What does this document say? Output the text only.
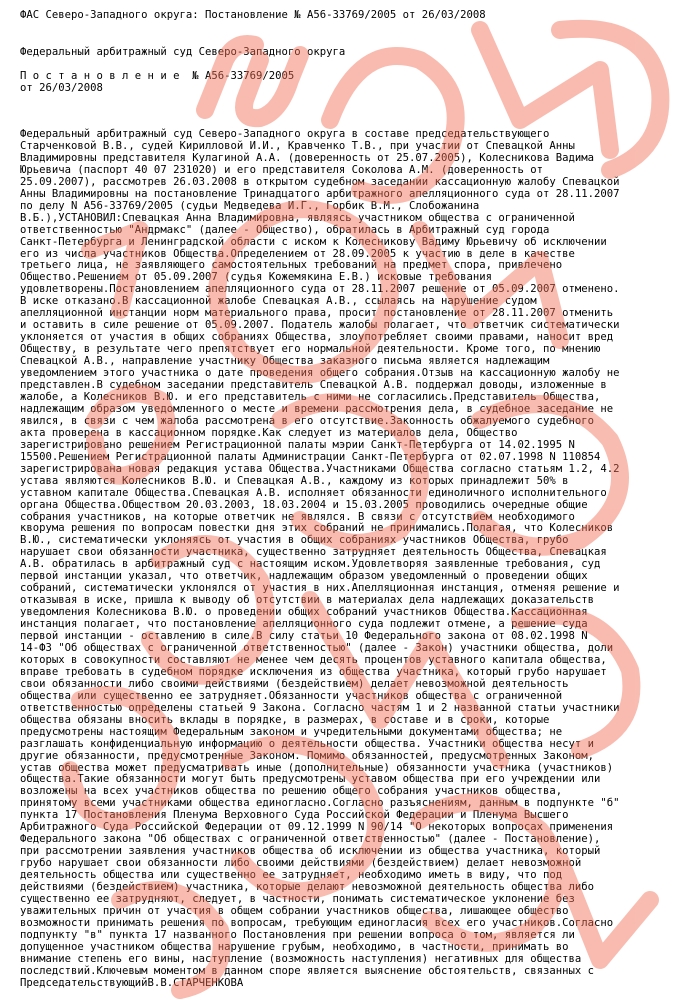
ФАС Северо-Западного округа: Постановление № А56-33769/2005 от 26/03/2008
Федеральный арбитражный суд Северо-Западного округа
П о с т а н о в л е н и е  № А56-33769/2005
от 26/03/2008
Федеральный арбитражный суд Северо-Западного округа в составе председательствующего
Старченковой В.В., судей Кирилловой И.И., Кравченко Т.В., при участии от Спевацкой Анны
Владимировны представителя Кулагиной А.А. (доверенность от 25.07.2005), Колесникова Вадима
Юрьевича (паспорт 40 07 231020) и его представителя Соколова А.М. (доверенность от
25.09.2007), рассмотрев 26.03.2008 в открытом судебном заседании кассационную жалобу Спевацкой
Анны Владимировны на постановление Тринадцатого арбитражного апелляционного суда от 28.11.2007
по делу N А56-33769/2005 (судьи Медведева И.Г., Горбик В.М., Слобожанина
В.Б.),УСТАНОВИЛ:Спевацкая Анна Владимировна, являясь участником общества с ограниченной
ответственностью "Андрмакс" (далее - Общество), обратилась в Арбитражный суд города
Санкт-Петербурга и Ленинградской области с иском к Колесникову Вадиму Юрьевичу об исключении
его из числа участников Общества.Определением от 28.09.2005 к участию в деле в качестве
третьего лица, не заявляющего самостоятельных требований на предмет спора, привлечено
Общество.Решением от 05.09.2007 (судья Кожемякина Е.В.) исковые требования
удовлетворены.Постановлением апелляционного суда от 28.11.2007 решение от 05.09.2007 отменено.
В иске отказано.В кассационной жалобе Спевацкая А.В., ссылаясь на нарушение судом
апелляционной инстанции норм материального права, просит постановление от 28.11.2007 отменить
и оставить в силе решение от 05.09.2007. Податель жалобы полагает, что ответчик систематически
уклоняется от участия в общих собраниях Общества, злоупотребляет своими правами, наносит вред
Обществу, в результате чего препятствует его нормальной деятельности. Кроме того, по мнению
Спевацкой А.В., направление участнику Общества заказного письма является надлежащим
уведомлением этого участника о дате проведения общего собрания.Отзыв на кассационную жалобу не
представлен.В судебном заседании представитель Спевацкой А.В. поддержал доводы, изложенные в
жалобе, а Колесников В.Ю. и его представитель с ними не согласились.Представитель Общества,
надлежащим образом уведомленного о месте и времени рассмотрения дела, в судебное заседание не
явился, в связи с чем жалоба рассмотрена в его отсутствие.Законность обжалуемого судебного
акта проверена в кассационном порядке.Как следует из материалов дела, Общество
зарегистрировано решением Регистрационной палаты мэрии Санкт-Петербурга от 14.02.1995 N
15500.Решением Регистрационной палаты Администрации Санкт-Петербурга от 02.07.1998 N 110854
зарегистрирована новая редакция устава Общества.Участниками Общества согласно статьям 1.2, 4.2
устава являются Колесников В.Ю. и Спевацкая А.В., каждому из которых принадлежит 50% в
уставном капитале Общества.Спевацкая А.В. исполняет обязанности единоличного исполнительного
органа Общества.Обществом 20.03.2003, 18.03.2004 и 15.03.2005 проводились очередные общие
собрания участников, на которые ответчик не являлся. В связи с отсутствием необходимого
кворума решения по вопросам повестки дня этих собраний не принимались.Полагая, что Колесников
В.Ю., систематически уклоняясь от участия в общих собраниях участников Общества, грубо
нарушает свои обязанности участника, существенно затрудняет деятельность Общества, Спевацкая
А.В. обратилась в арбитражный суд с настоящим иском.Удовлетворяя заявленные требования, суд
первой инстанции указал, что ответчик, надлежащим образом уведомленный о проведении общих
собраний, систематически уклонялся от участия в них.Апелляционная инстанция, отменяя решение и
отказывая в иске, пришла к выводу об отсутствии в материалах дела надлежащих доказательств
уведомления Колесникова В.Ю. о проведении общих собраний участников Общества.Кассационная
инстанция полагает, что постановление апелляционного суда подлежит отмене, а решение суда
первой инстанции - оставлению в силе.В силу статьи 10 Федерального закона от 08.02.1998 N
14-ФЗ "Об обществах с ограниченной ответственностью" (далее - Закон) участники общества, доли
которых в совокупности составляют не менее чем десять процентов уставного капитала общества,
вправе требовать в судебном порядке исключения из общества участника, который грубо нарушает
свои обязанности либо своими действиями (бездействием) делает невозможной деятельность
общества или существенно ее затрудняет.Обязанности участников общества с ограниченной
ответственностью определены статьей 9 Закона. Согласно частям 1 и 2 названной статьи участники
общества обязаны вносить вклады в порядке, в размерах, в составе и в сроки, которые
предусмотрены настоящим Федеральным законом и учредительными документами общества; не
разглашать конфиденциальную информацию о деятельности общества. Участники общества несут и
другие обязанности, предусмотренные Законом. Помимо обязанностей, предусмотренных Законом,
устав общества может предусматривать иные (дополнительные) обязанности участника (участников)
общества.Такие обязанности могут быть предусмотрены уставом общества при его учреждении или
возложены на всех участников общества по решению общего собрания участников общества,
принятому всеми участниками общества единогласно.Согласно разъяснениям, данным в подпункте "б"
пункта 17 Постановления Пленума Верховного Суда Российской Федерации и Пленума Высшего
Арбитражного Суда Российской Федерации от 09.12.1999 N 90/14 "О некоторых вопросах применения
Федерального закона "Об обществах с ограниченной ответственностью" (далее - Постановление),
при рассмотрении заявления участников общества об исключении из общества участника, который
грубо нарушает свои обязанности либо своими действиями (бездействием) делает невозможной
деятельность общества или существенно ее затрудняет, необходимо иметь в виду, что под
действиями (бездействием) участника, которые делают невозможной деятельность общества либо
существенно ее затрудняют, следует, в частности, понимать систематическое уклонение без
уважительных причин от участия в общем собрании участников общества, лишающее общество
возможности принимать решения по вопросам, требующим единогласия всех его участников.Согласно
подпункту "в" пункта 17 названного Постановления при решении вопроса о том, является ли
допущенное участником общества нарушение грубым, необходимо, в частности, принимать во
внимание степень его вины, наступление (возможность наступления) негативных для общества
последствий.Ключевым моментом в данном споре является выяснение обстоятельств, связанных с
ПредседательствующийВ.В.СТАРЧЕНКОВА
